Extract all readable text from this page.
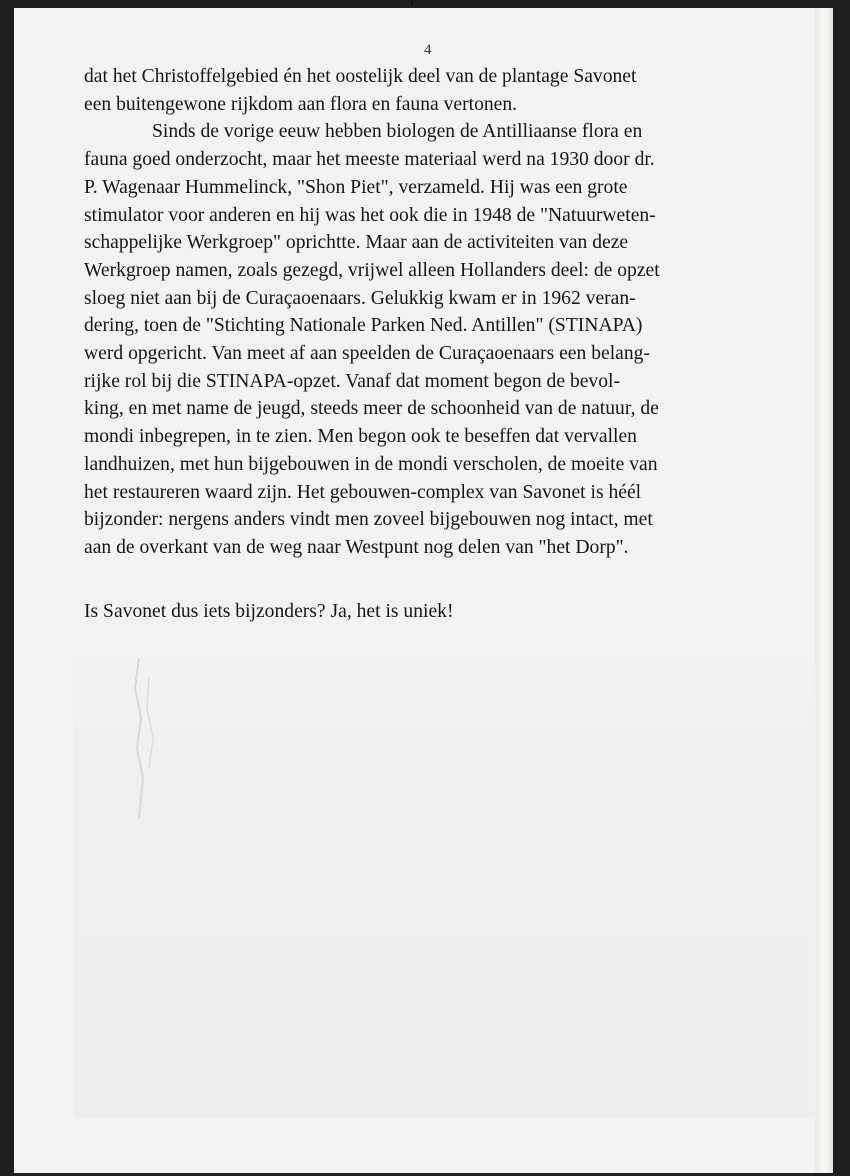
4
dat het Christoffelgebied én het oostelijk deel van de plantage Savonet
een buitengewone rijkdom aan flora en fauna vertonen.
Sinds de vorige eeuw hebben biologen de Antilliaanse flora en
fauna goed onderzocht, maar het meeste materiaal werd na 1930 door dr.
P. Wagenaar Hummelinck, "Shon Piet", verzameld. Hij was een grote
stimulator voor anderen en hij was het ook die in 1948 de "Natuurweten-
schappelijke Werkgroep" oprichtte. Maar aan de activiteiten van deze
Werkgroep namen, zoals gezegd, vrijwel alleen Hollanders deel: de opzet
sloeg niet aan bij de Curaçaoenaars. Gelukkig kwam er in 1962 veran-
dering, toen de "Stichting Nationale Parken Ned. Antillen" (STINAPA)
werd opgericht. Van meet af aan speelden de Curaçaoenaars een belang-
rijke rol bij die STINAPA-opzet. Vanaf dat moment begon de bevol-
king, en met name de jeugd, steeds meer de schoonheid van de natuur, de
mondi inbegrepen, in te zien. Men begon ook te beseffen dat vervallen
landhuizen, met hun bijgebouwen in de mondi verscholen, de moeite van
het restaureren waard zijn. Het gebouwen-complex van Savonet is héél
bijzonder: nergens anders vindt men zoveel bijgebouwen nog intact, met
aan de overkant van de weg naar Westpunt nog delen van "het Dorp".
Is Savonet dus iets bijzonders? Ja, het is uniek!
